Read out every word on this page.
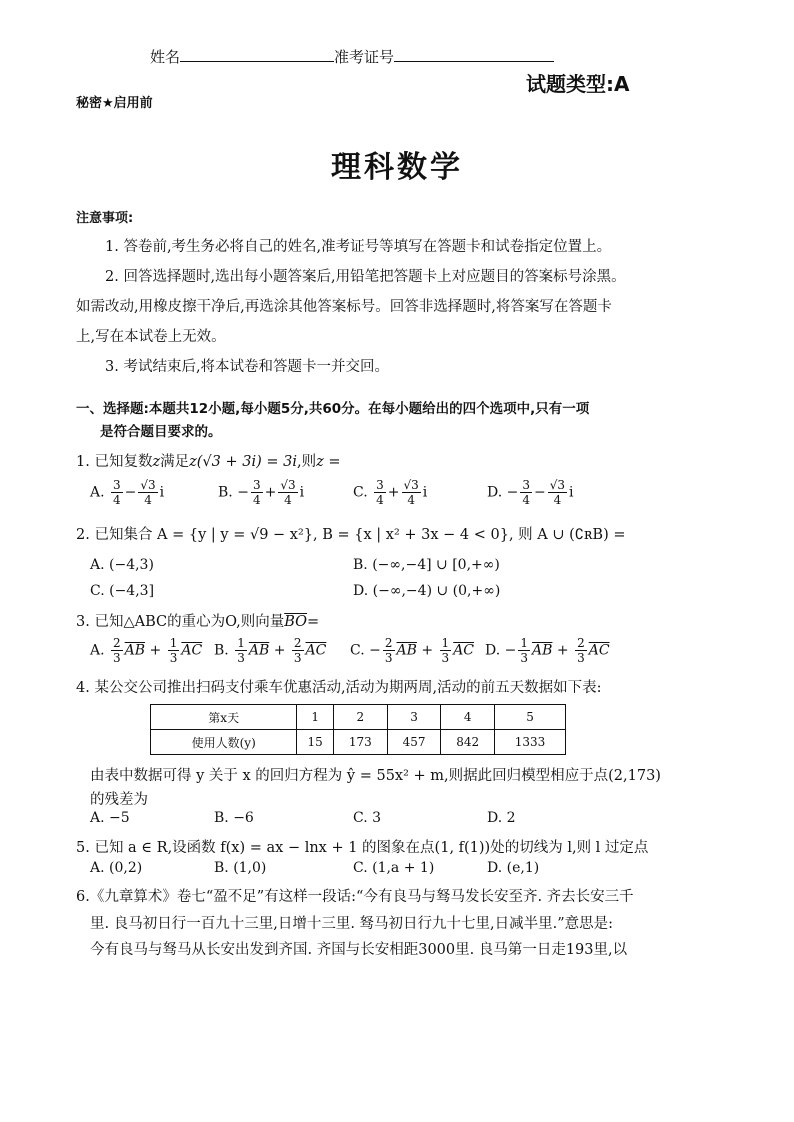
姓名	准考证号
试题类型:A
秘密★启用前
理科数学
注意事项:
1. 答卷前,考生务必将自己的姓名,准考证号等填写在答题卡和试卷指定位置上。
2. 回答选择题时,选出每小题答案后,用铅笔把答题卡上对应题目的答案标号涂黑。
如需改动,用橡皮擦干净后,再选涂其他答案标号。回答非选择题时,将答案写在答题卡
上,写在本试卷上无效。
3. 考试结束后,将本试卷和答题卡一并交回。
一、选择题:本题共12小题,每小题5分,共60分。在每小题给出的四个选项中,只有一项
是符合题目要求的。
1. 已知复数z满足z(√3 + 3i) = 3i,则z =
A. $\frac{3}{4} - \frac{√3}{4}$ i	B. − $\frac{3}{4} + \frac{√3}{4}$ i	C. $\frac{3}{4} + \frac{√3}{4}$ i	D. − $\frac{3}{4} - \frac{√3}{4}$ i
2. 已知集合 A = {y | y = √9 − x²}, B = {x | x² + 3x − 4 < 0}, 则 A ∪ (∁ʀB) =
A. (−4,3)	B. (−∞,−4] ∪ [0,+∞)
C. (−4,3]	D. (−∞,−4) ∪ (0,+∞)
3. 已知△ABC的重心为O,则向量$\overline{BO}=$
A. $\frac{2}{3} \overline{AB} + \frac{1}{3} \overline{AC}$ B. $\frac{1}{3} \overline{AB} + \frac{2}{3} \overline{AC}$ C. − $\frac{2}{3} \overline{AB} + \frac{1}{3} \overline{AC}$ D. − $\frac{1}{3} \overline{AB} + \frac{2}{3} \overline{AC}$
4. 某公交公司推出扫码支付乘车优惠活动,活动为期两周,活动的前五天数据如下表:
第x天	1	2	3	4	5
使用人数(y)	15	173	457	842	1333
由表中数据可得 y 关于 x 的回归方程为 ŷ = 55x² + m,则据此回归模型相应于点(2,173)
的残差为
A. −5	B. −6	C. 3	D. 2
5. 已知 a ∈ R,设函数 f(x) = ax − lnx + 1 的图象在点(1, f(1))处的切线为 l,则 l 过定点
A. (0,2)	B. (1,0)	C. (1,a + 1)	D. (e,1)
6.《九章算术》卷七“盈不足”有这样一段话:“今有良马与驽马发长安至齐. 齐去长安三千
里. 良马初日行一百九十三里,日增十三里. 驽马初日行九十七里,日减半里.”意思是:
今有良马与驽马从长安出发到齐国. 齐国与长安相距3000里. 良马第一日走193里,以
